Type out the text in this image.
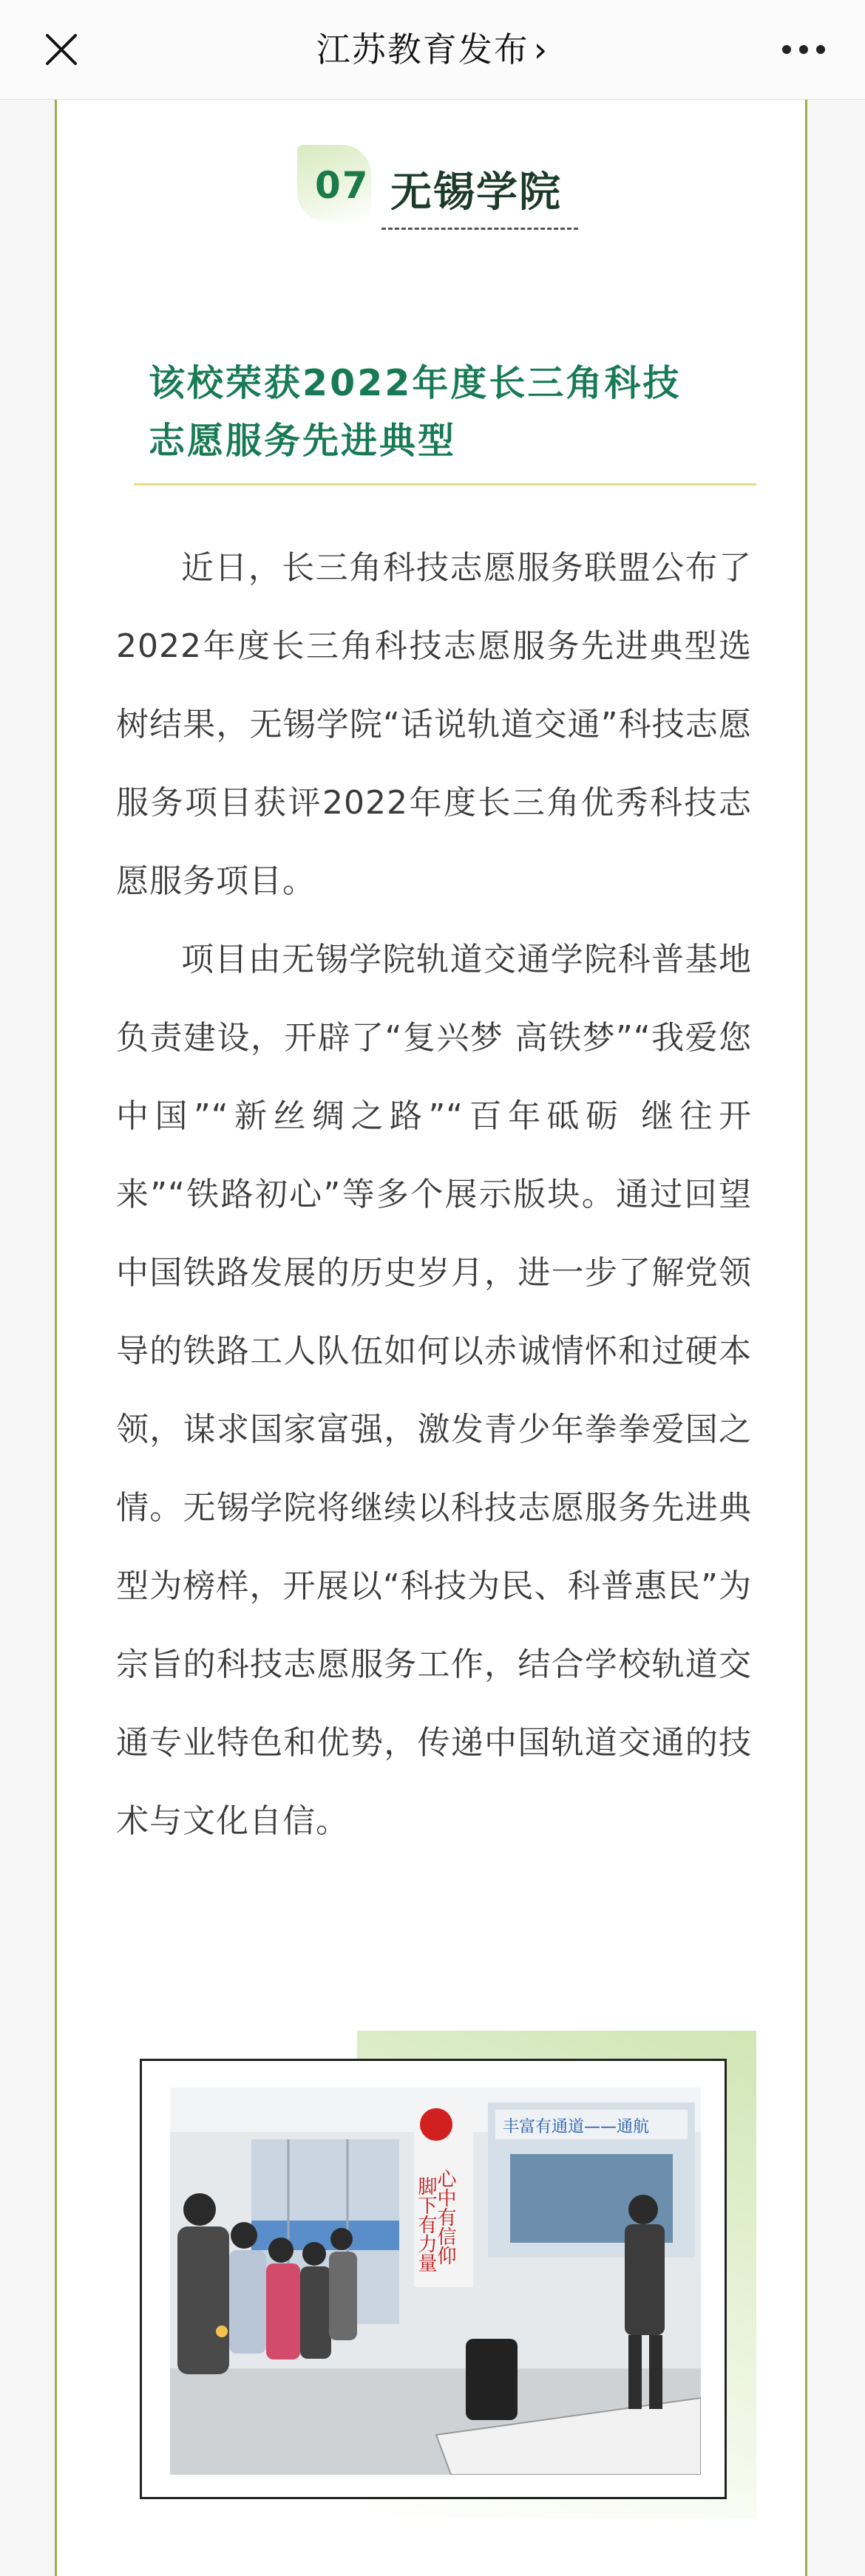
江苏教育发布 ›
07 无锡学院
该校荣获2022年度长三角科技
志愿服务先进典型

近日，长三角科技志愿服务联盟公布了2022年度长三角科技志愿服务先进典型选树结果，无锡学院“话说轨道交通”科技志愿服务项目获评2022年度长三角优秀科技志愿服务项目。

项目由无锡学院轨道交通学院科普基地负责建设，开辟了“复兴梦 高铁梦”“我爱您中国”“新丝绸之路”“百年砥砺 继往开来”“铁路初心”等多个展示版块。通过回望中国铁路发展的历史岁月，进一步了解党领导的铁路工人队伍如何以赤诚情怀和过硬本领，谋求国家富强，激发青少年拳拳爱国之情。无锡学院将继续以科技志愿服务先进典型为榜样，开展以“科技为民、科普惠民”为宗旨的科技志愿服务工作，结合学校轨道交通专业特色和优势，传递中国轨道交通的技术与文化自信。

心中有信仰
脚下有力量
丰富有通道——通航
